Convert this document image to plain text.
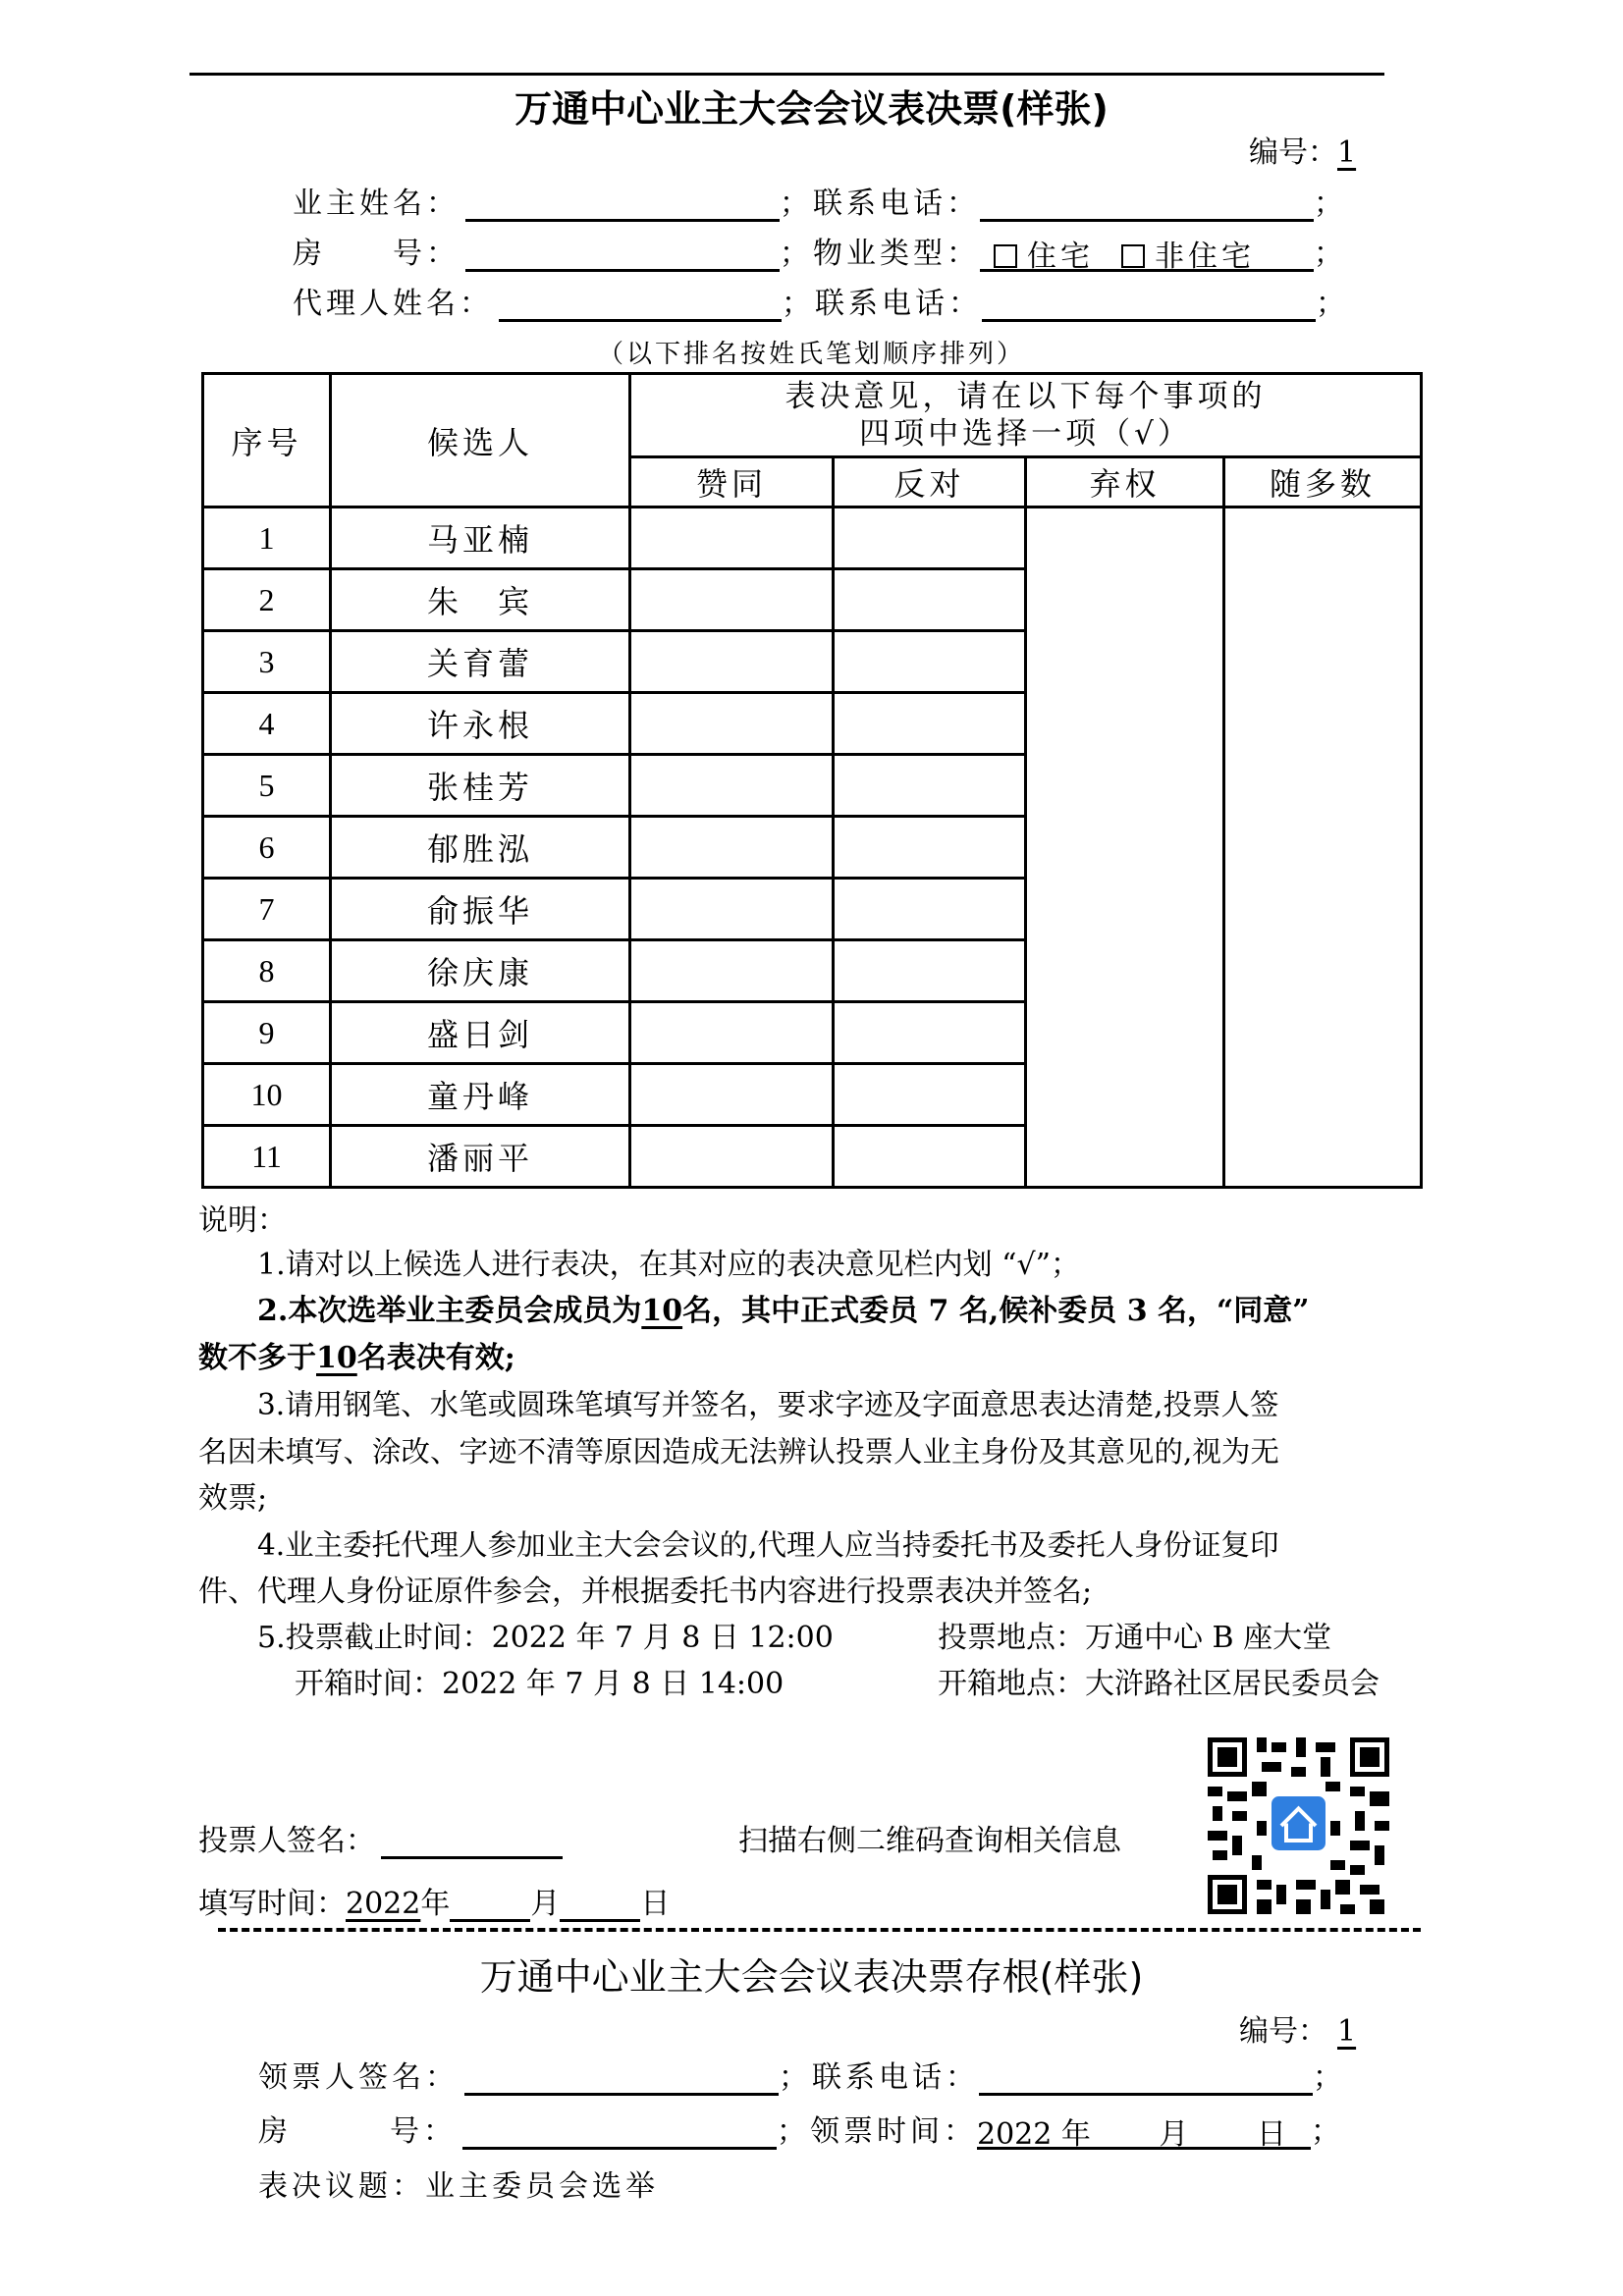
万通中心业主大会会议表决票(样张)
编号：1
业主姓名：	；联系电话：	；
房 号：	；物业类型： 住宅 非住宅 ；
代理人姓名：	；联系电话：	；
（以下排名按姓氏笔划顺序排列）
序号	候选人	表决意见，请在以下每个事项的
四项中选择一项（√）			

		赞同	反对	弃权	随多数
1	马亚楠				
2	朱　宾				
3	关育蕾				
4	许永根				
5	张桂芳				
6	郁胜泓				
7	俞振华				
8	徐庆康				
9	盛日剑				
10	童丹峰				
11	潘丽平				
说明：
1.请对以上候选人进行表决，在其对应的表决意见栏内划 “√”；
2.本次选举业主委员会成员为10名，其中正式委员 7 名,候补委员 3 名，“同意”
数不多于10名表决有效;
3.请用钢笔、水笔或圆珠笔填写并签名，要求字迹及字面意思表达清楚,投票人签
名因未填写、涂改、字迹不清等原因造成无法辨认投票人业主身份及其意见的,视为无
效票;
4.业主委托代理人参加业主大会会议的,代理人应当持委托书及委托人身份证复印
件、代理人身份证原件参会，并根据委托书内容进行投票表决并签名;
5.投票截止时间：2022 年 7 月 8 日 12:00	投票地点：万通中心 B 座大堂
开箱时间：2022 年 7 月 8 日 14:00	开箱地点：大浒路社区居民委员会
投票人签名：	扫描右侧二维码查询相关信息
填写时间：2022年	月	日
万通中心业主大会会议表决票存根(样张)
编号： 1
领票人签名：	；联系电话：	；
房	号：	；领票时间：2022 年　　 月　　 日 ；
表决议题：业主委员会选举
